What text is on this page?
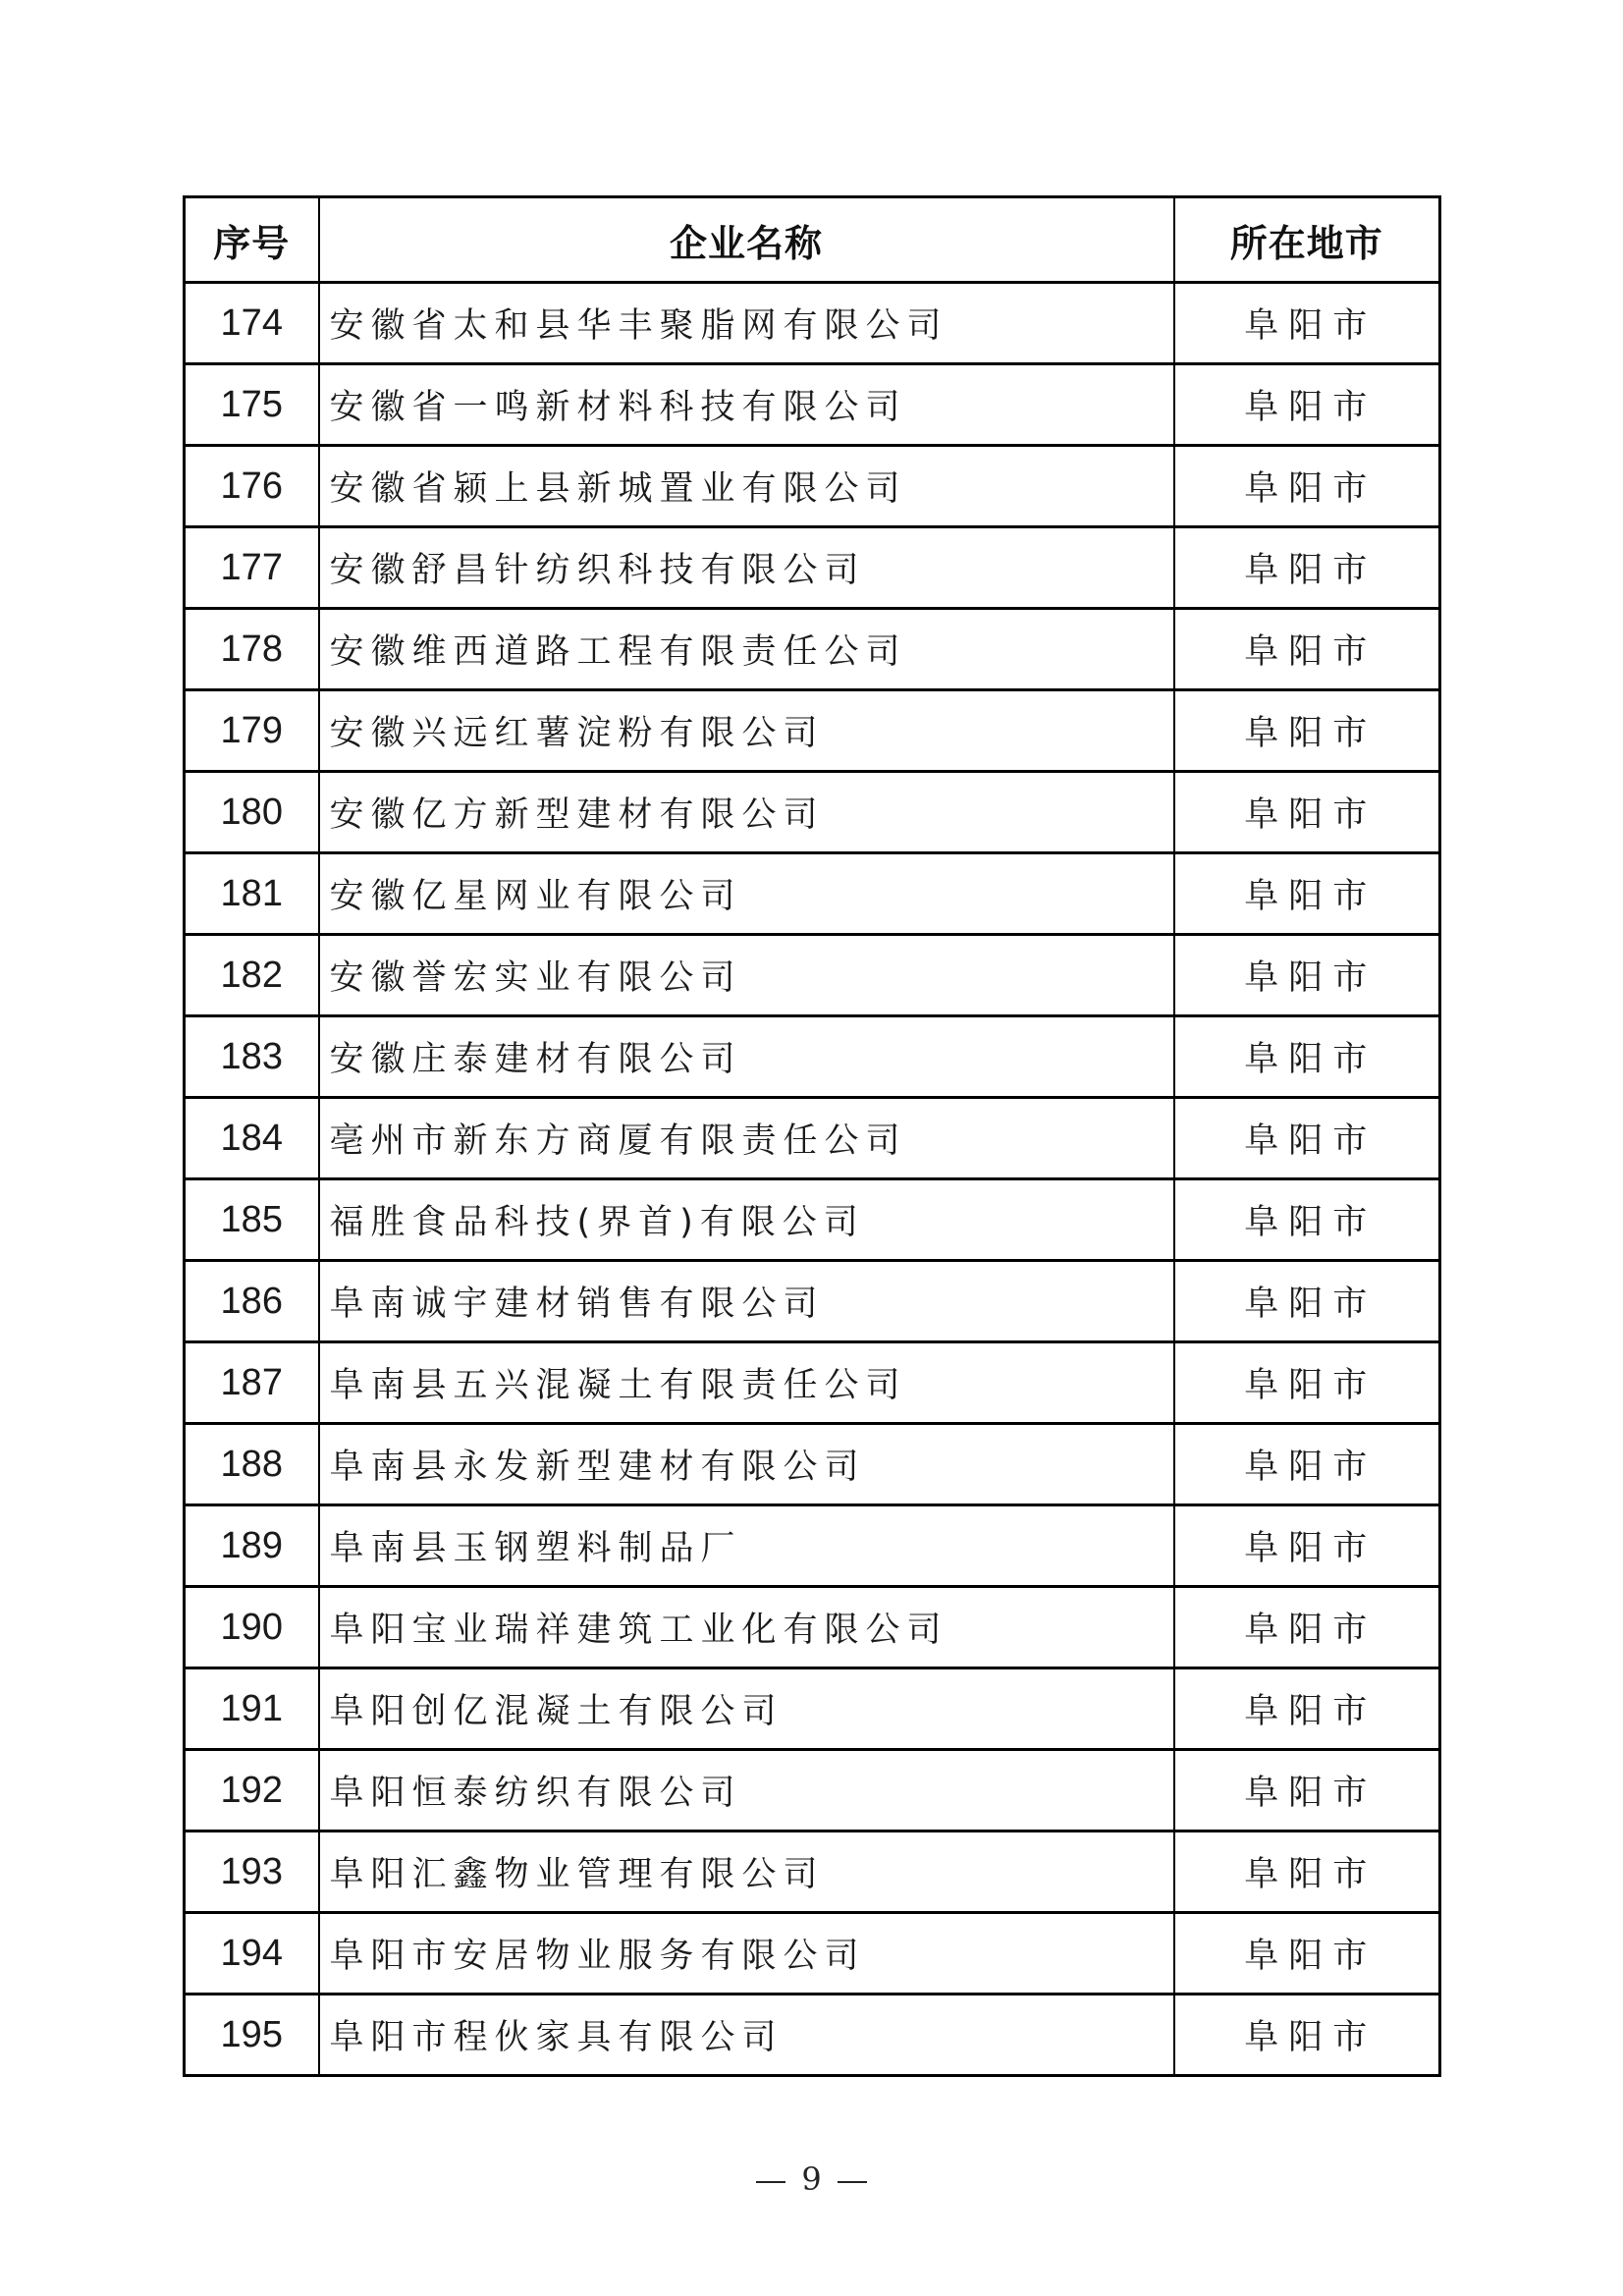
序号	企业名称	所在地市
174	安徽省太和县华丰聚脂网有限公司	阜阳市
175	安徽省一鸣新材料科技有限公司	阜阳市
176	安徽省颍上县新城置业有限公司	阜阳市
177	安徽舒昌针纺织科技有限公司	阜阳市
178	安徽维西道路工程有限责任公司	阜阳市
179	安徽兴远红薯淀粉有限公司	阜阳市
180	安徽亿方新型建材有限公司	阜阳市
181	安徽亿星网业有限公司	阜阳市
182	安徽誉宏实业有限公司	阜阳市
183	安徽庄泰建材有限公司	阜阳市
184	亳州市新东方商厦有限责任公司	阜阳市
185	福胜食品科技(界首)有限公司	阜阳市
186	阜南诚宇建材销售有限公司	阜阳市
187	阜南县五兴混凝土有限责任公司	阜阳市
188	阜南县永发新型建材有限公司	阜阳市
189	阜南县玉钢塑料制品厂	阜阳市
190	阜阳宝业瑞祥建筑工业化有限公司	阜阳市
191	阜阳创亿混凝土有限公司	阜阳市
192	阜阳恒泰纺织有限公司	阜阳市
193	阜阳汇鑫物业管理有限公司	阜阳市
194	阜阳市安居物业服务有限公司	阜阳市
195	阜阳市程伙家具有限公司	阜阳市
9
